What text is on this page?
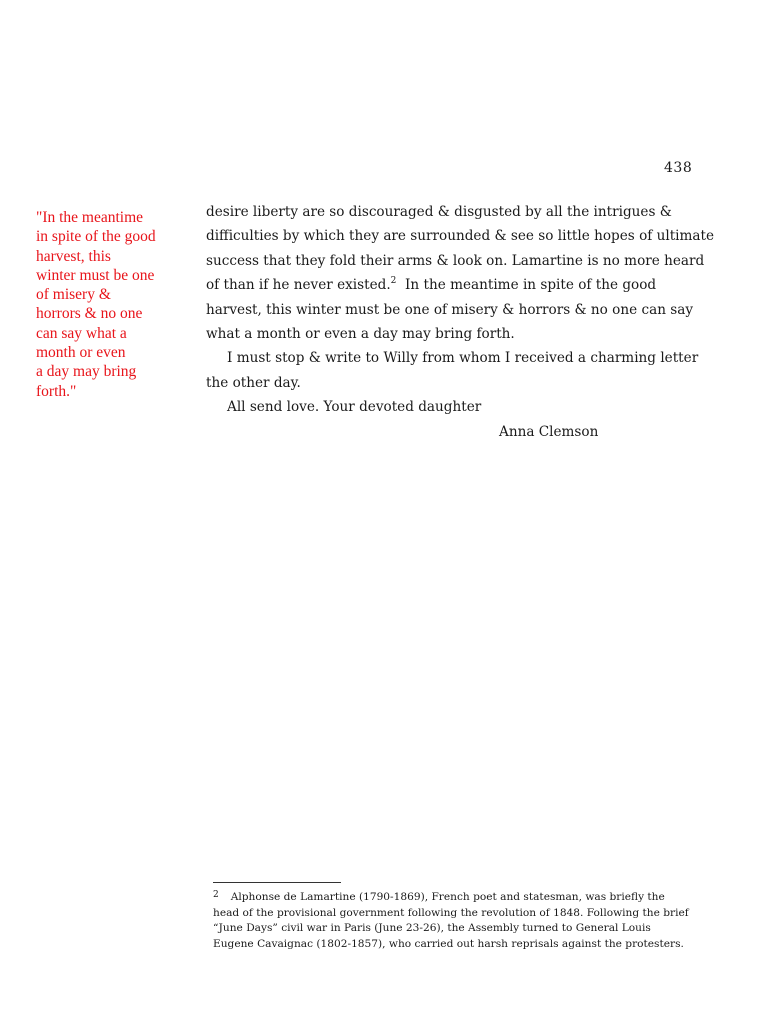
438
"In the meantime
in spite of the good
harvest, this
winter must be one
of misery &
horrors & no one
can say what a
month or even
a day may bring
forth."
desire liberty are so discouraged & disgusted by all the intrigues &
difficulties by which they are surrounded & see so little hopes of ultimate
success that they fold their arms & look on. Lamartine is no more heard
of than if he never existed.$^2$  In the meantime in spite of the good
harvest, this winter must be one of misery & horrors & no one can say
what a month or even a day may bring forth.
I must stop & write to Willy from whom I received a charming letter
the other day.
All send love. Your devoted daughter
Anna Clemson
$^2$ Alphonse de Lamartine (1790-1869), French poet and statesman, was briefly the
head of the provisional government following the revolution of 1848. Following the brief
“June Days” civil war in Paris (June 23-26), the Assembly turned to General Louis
Eugene Cavaignac (1802-1857), who carried out harsh reprisals against the protesters.
